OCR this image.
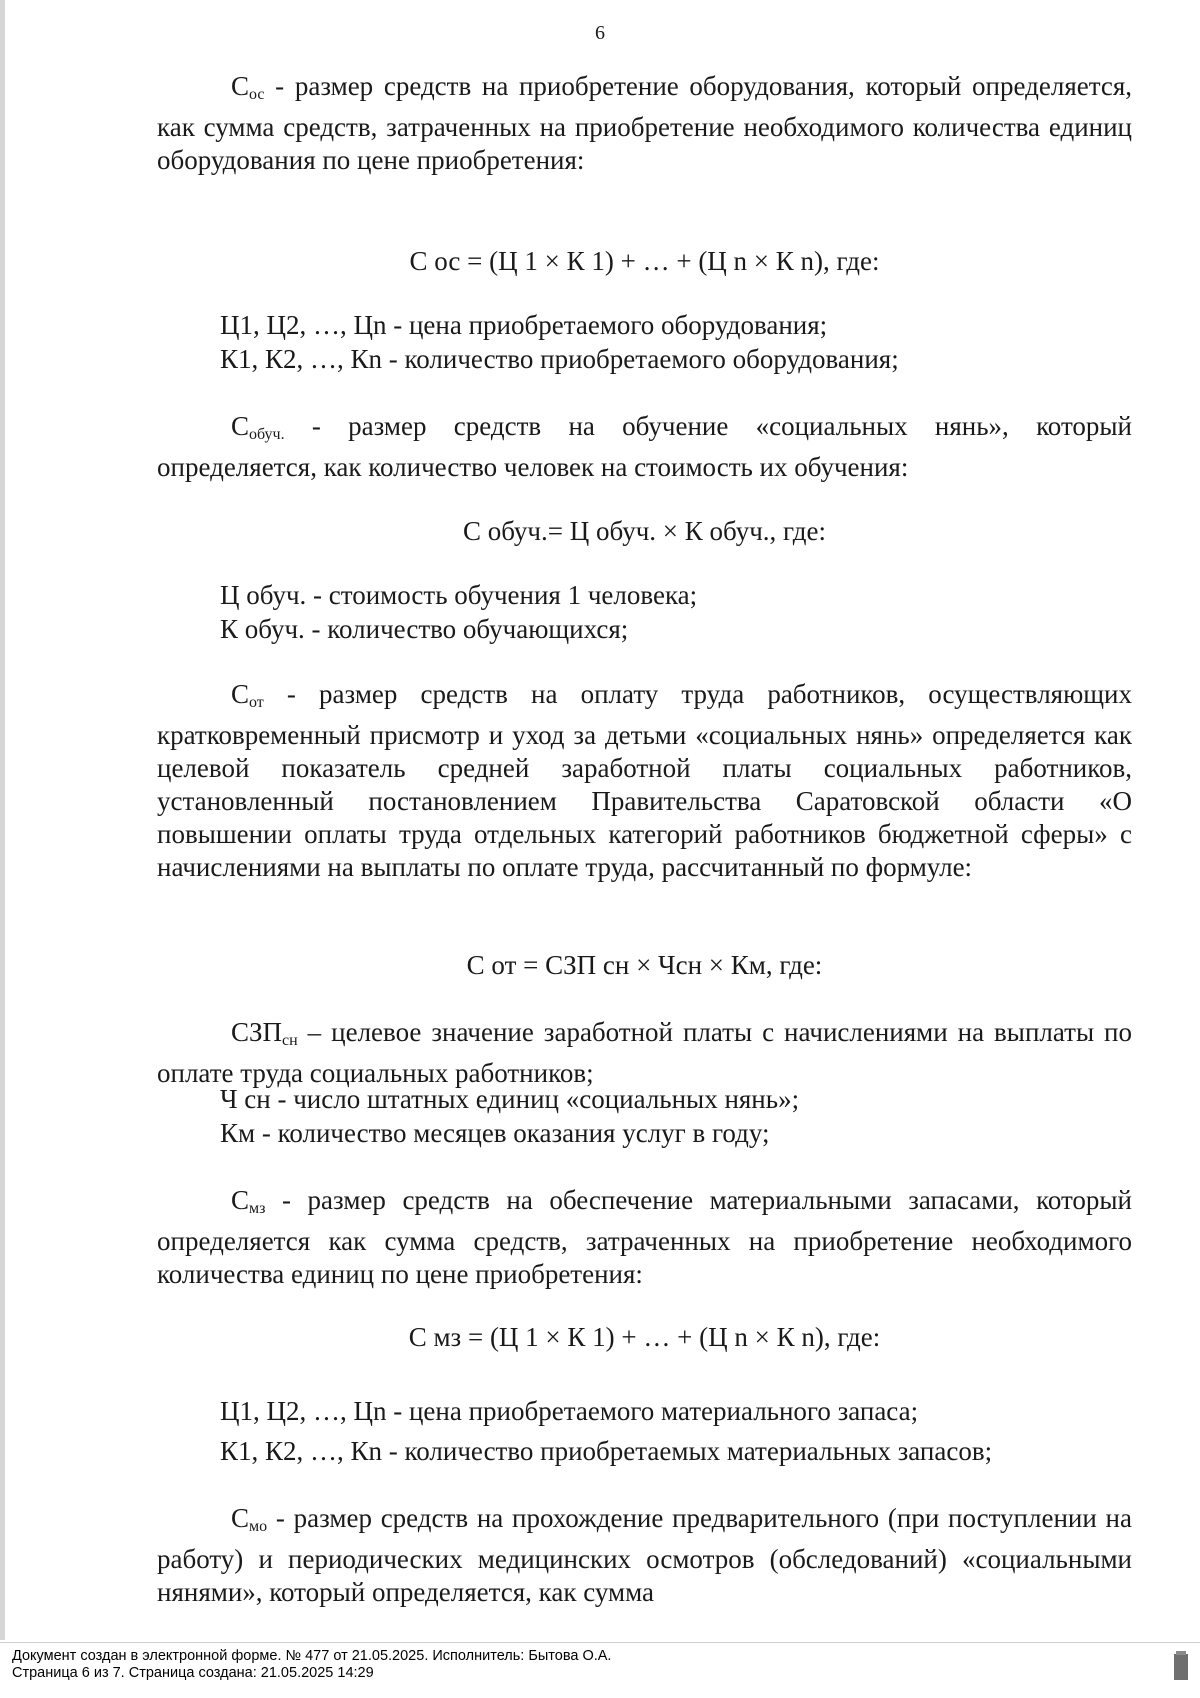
6

$С_{ос}$ - размер средств на приобретение оборудования, который определяется, как сумма средств, затраченных на приобретение необходимого количества единиц оборудования по цене приобретения:

С ос = (Ц 1 × К 1) + … + (Ц n × К n), где:
Ц1, Ц2, …, Цn - цена приобретаемого оборудования;
К1, К2, …, Кn - количество приобретаемого оборудования;

$С_{обуч.}$ - размер средств на обучение «социальных нянь», который определяется, как количество человек на стоимость их обучения:

С обуч.= Ц обуч. × К обуч., где:
Ц обуч. - стоимость обучения 1 человека;
К обуч. - количество обучающихся;

$С_{от}$ - размер средств на оплату труда работников, осуществляющих кратковременный присмотр и уход за детьми «социальных нянь» определяется как целевой показатель средней заработной платы социальных работников, установленный постановлением Правительства Саратовской области «О повышении оплаты труда отдельных категорий работников бюджетной сферы» с начислениями на выплаты по оплате труда, рассчитанный по формуле:

С от = СЗП сн × Чсн × Км, где:

$СЗП_{сн}$ – целевое значение заработной платы с начислениями на выплаты по оплате труда социальных работников;

Ч сн - число штатных единиц «социальных нянь»;
Км - количество месяцев оказания услуг в году;

$С_{мз}$ - размер средств на обеспечение материальными запасами, который определяется как сумма средств, затраченных на приобретение необходимого количества единиц по цене приобретения:

С мз = (Ц 1 × К 1) + … + (Ц n × К n), где:
Ц1, Ц2, …, Цn - цена приобретаемого материального запаса;
К1, К2, …, Кn - количество приобретаемых материальных запасов;

$С_{мо}$ - размер средств на прохождение предварительного (при поступлении на работу) и периодических медицинских осмотров (обследований) «социальными нянями», который определяется, как сумма

Документ создан в электронной форме. № 477 от 21.05.2025. Исполнитель: Бытова О.А.
Страница 6 из 7. Страница создана: 21.05.2025 14:29
